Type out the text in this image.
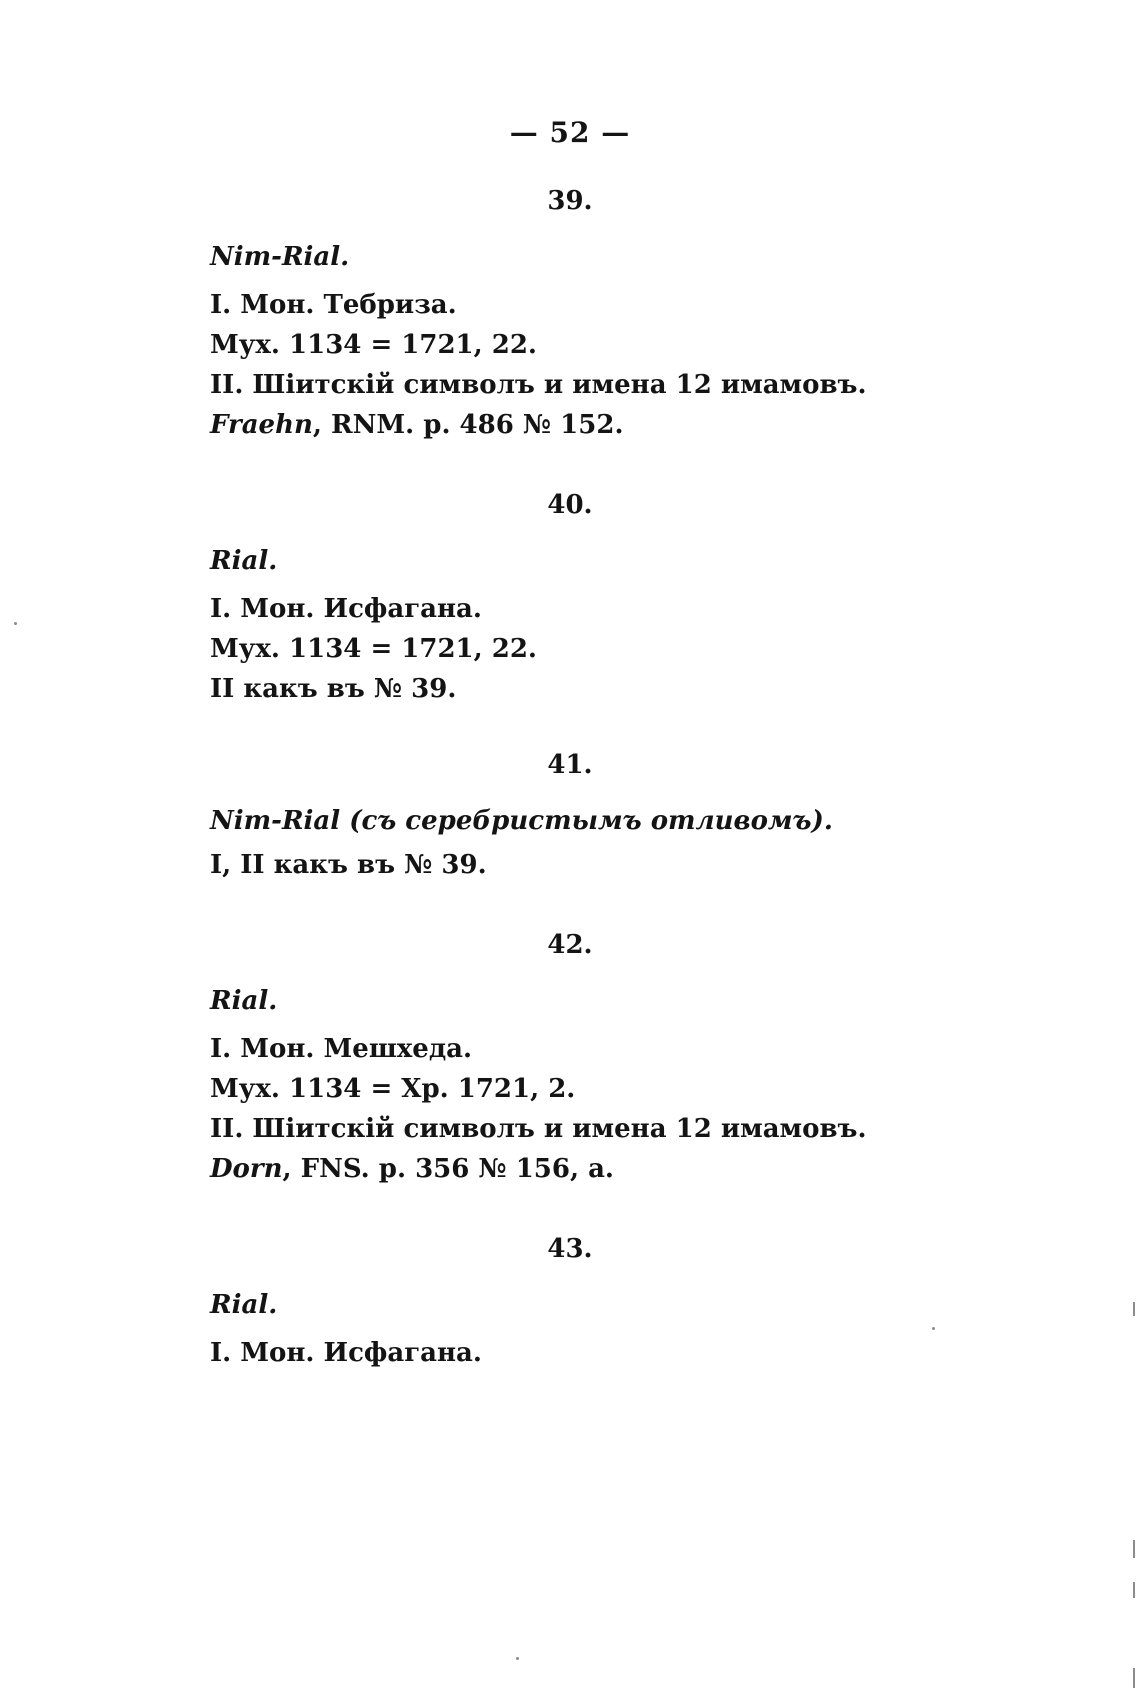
— 52 —
39.
Nim-Rial.
I. Мон. Тебриза.
Мух. 1134 = 1721, 22.
II. Шiитскiй символъ и имена 12 имамовъ.
Fraehn, RNM. p. 486 № 152.
40.
Rial.
I. Мон. Исфагана.
Мух. 1134 = 1721, 22.
II какъ въ № 39.
41.
Nim-Rial (съ серебристымъ отливомъ).
I, II какъ въ № 39.
42.
Rial.
I. Мон. Мешхеда.
Мух. 1134 = Хр. 1721, 2.
II. Шiитскiй символъ и имена 12 имамовъ.
Dorn, FNS. p. 356 № 156, a.
43.
Rial.
I. Мон. Исфагана.
